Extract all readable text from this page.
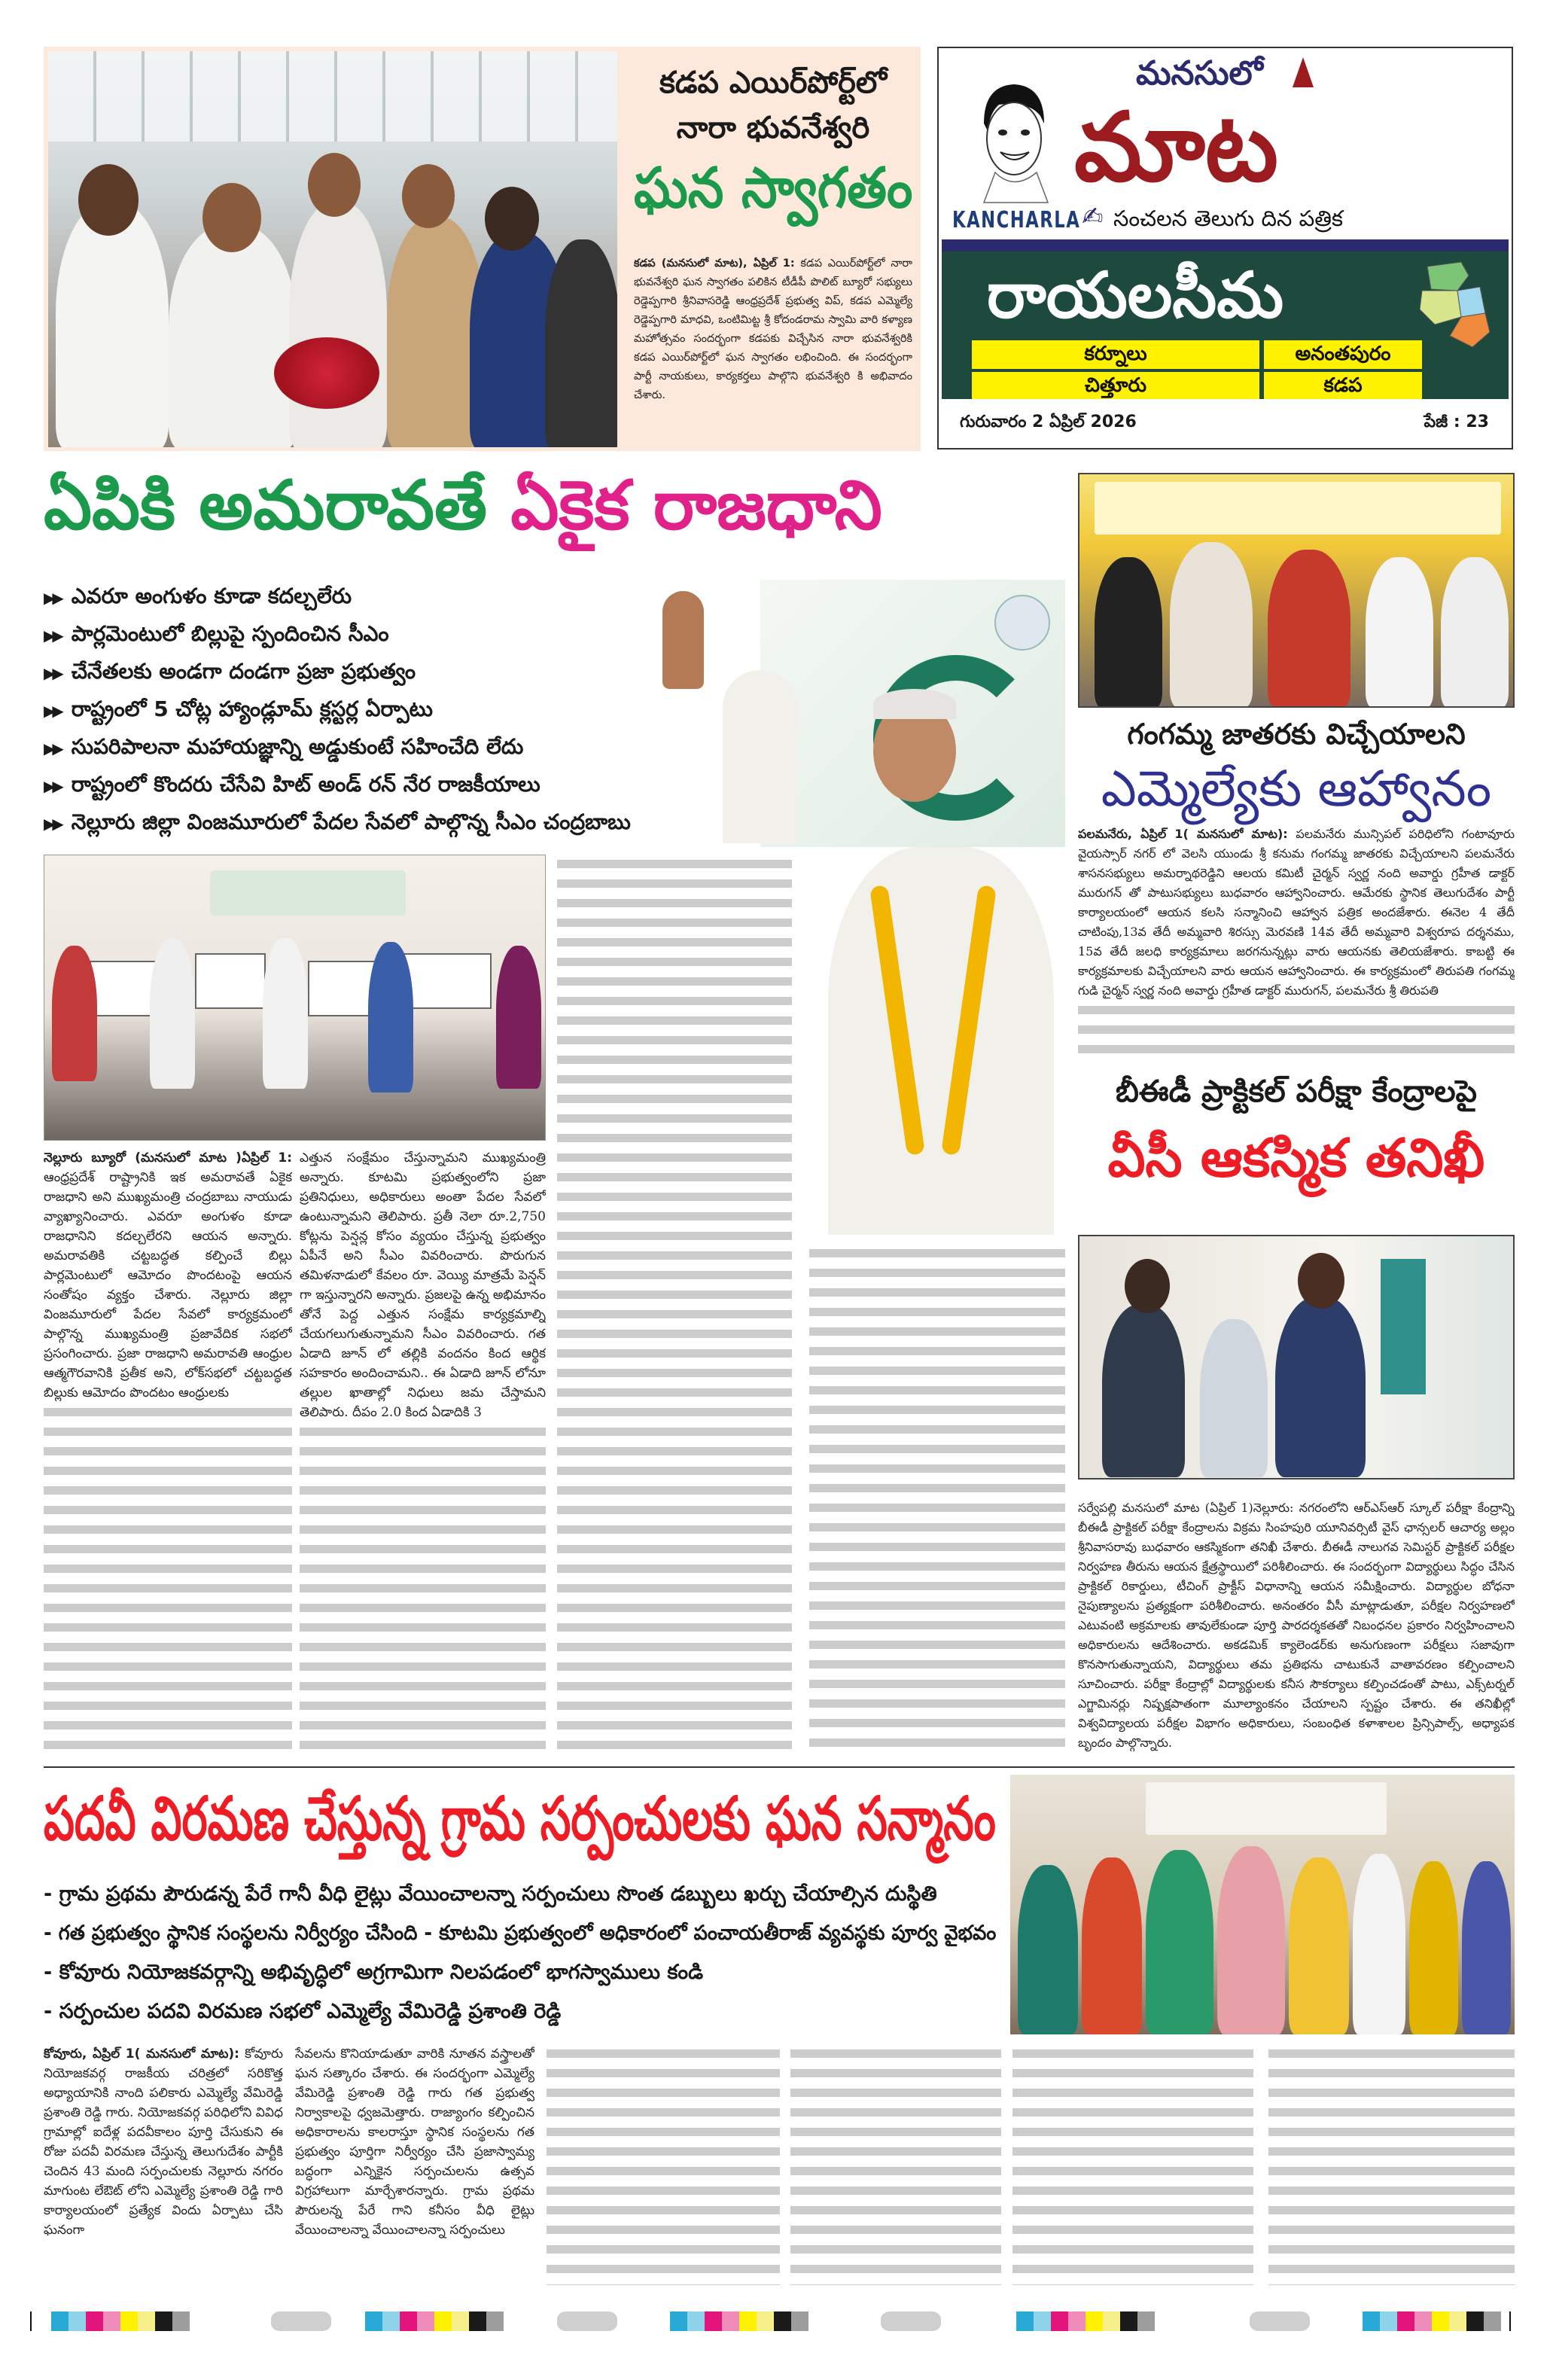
కడప ఎయిర్‌పోర్ట్‌లో
నారా భువనేశ్వరి
ఘన స్వాగతం

కడప (మనసులో మాట), ఏప్రిల్ 1: కడప ఎయిర్‌పోర్ట్‌లో నారా భువనేశ్వరి ఘన స్వాగతం పలికిన టీడీపీ పొలిట్ బ్యూరో సభ్యులు రెడ్డెప్పగారి శ్రీనివాసరెడ్డి ఆంధ్రప్రదేశ్ ప్రభుత్వ విప్, కడప ఎమ్మెల్యే రెడ్డెప్పగారి మాధవి, ఒంటిమిట్ట శ్రీ కోదండరామ స్వామి వారి కళ్యాణ మహోత్సవం సందర్భంగా కడపకు విచ్చేసిన నారా భువనేశ్వరికి కడప ఎయిర్‌పోర్ట్‌లో ఘన స్వాగతం లభించింది. ఈ సందర్భంగా పార్టీ నాయకులు, కార్యకర్తలు పాల్గొని భువనేశ్వరి కి అభివాదం చేశారు.

KANCHARLA
మనసులో
మాట
✍ సంచలన తెలుగు దిన పత్రిక
రాయలసీమ
కర్నూలు	అనంతపురం
చిత్తూరు	కడప
గురువారం 2 ఏప్రిల్ 2026	పేజీ : 23
ఏపికి అమరావతే ఏకైక రాజధాని
▶▶ ఎవరూ అంగుళం కూడా కదల్చలేరు
▶▶ పార్లమెంటులో బిల్లుపై స్పందించిన సీఎం
▶▶ చేనేతలకు అండగా దండగా ప్రజా ప్రభుత్వం
▶▶ రాష్ట్రంలో 5 చోట్ల హ్యాండ్లూమ్ క్లస్టర్ల ఏర్పాటు
▶▶ సుపరిపాలనా మహాయజ్ఞాన్ని అడ్డుకుంటే సహించేది లేదు
▶▶ రాష్ట్రంలో కొందరు చేసేవి హిట్ అండ్ రన్ నేర రాజకీయాలు
▶▶ నెల్లూరు జిల్లా వింజమూరులో పేదల సేవలో పాల్గొన్న సీఎం చంద్రబాబు

నెల్లూరు బ్యూరో (మనసులో మాట )ఏప్రిల్ 1: ఆంధ్రప్రదేశ్ రాష్ట్రానికి ఇక అమరావతే ఏకైక రాజధాని అని ముఖ్యమంత్రి చంద్రబాబు నాయుడు వ్యాఖ్యానించారు. ఎవరూ అంగుళం కూడా రాజధానిని కదల్చలేరని ఆయన అన్నారు. అమరావతికి చట్టబద్ధత కల్పించే బిల్లు పార్లమెంటులో ఆమోదం పొందటంపై ఆయన సంతోషం వ్యక్తం చేశారు. నెల్లూరు జిల్లా వింజమూరులో పేదల సేవలో కార్యక్రమంలో పాల్గొన్న ముఖ్యమంత్రి ప్రజావేదిక సభలో ప్రసంగించారు. ప్రజా రాజధాని అమరావతి ఆంధ్రుల ఆత్మగౌరవానికి ప్రతీక అని, లోక్‌సభలో చట్టబద్ధత బిల్లుకు ఆమోదం పొందటం ఆంధ్రులకు

ఎత్తున సంక్షేమం చేస్తున్నామని ముఖ్యమంత్రి అన్నారు. కూటమి ప్రభుత్వంలోని ప్రజా ప్రతినిధులు, అధికారులు అంతా పేదల సేవలో ఉంటున్నామని తెలిపారు. ప్రతీ నెలా రూ.2,750 కోట్లను పెన్షన్ల కోసం వ్యయం చేస్తున్న ప్రభుత్వం ఏపీనే అని సీఎం వివరించారు. పొరుగున తమిళనాడులో కేవలం రూ. వెయ్యి మాత్రమే పెన్షన్ గా ఇస్తున్నారని అన్నారు. ప్రజలపై ఉన్న అభిమానం తోనే పెద్ద ఎత్తున సంక్షేమ కార్యక్రమాల్ని చేయగలుగుతున్నామని సీఎం వివరించారు. గత ఏడాది జూన్ లో తల్లికి వందనం కింద ఆర్థిక సహకారం అందించామని.. ఈ ఏడాది జూన్ లోనూ తల్లుల ఖాతాల్లో నిధులు జమ చేస్తామని తెలిపారు. దీపం 2.0 కింద ఏడాదికి 3

గంగమ్మ జాతరకు విచ్చేయాలని
ఎమ్మెల్యేకు ఆహ్వానం

పలమనేరు, ఏప్రిల్ 1( మనసులో మాట): పలమనేరు మున్సిపల్ పరిధిలోని గంటావూరు వైయస్సార్ నగర్ లో వెలసి యుండు శ్రీ కనుమ గంగమ్మ జాతరకు విచ్చేయాలని పలమనేరు శాసనసభ్యులు అమర్నాథరెడ్డిని ఆలయ కమిటీ చైర్మన్ స్వర్ణ నంది అవార్డు గ్రహీత డాక్టర్ మురుగన్ తో పాటుసభ్యులు బుధవారం ఆహ్వానించారు. ఆమేరకు స్థానిక తెలుగుదేశం పార్టీ కార్యాలయంలో ఆయన కలసి సన్మానించి ఆహ్వాన పత్రిక అందజేశారు. ఈనెల 4 తేదీ చాటింపు,13వ తేదీ అమ్మవారి శిరస్సు మెరవణి 14వ తేదీ అమ్మవారి విశ్వరూప దర్శనము, 15వ తేదీ జలధి కార్యక్రమాలు జరగనున్నట్లు వారు ఆయనకు తెలియజేశారు. కాబట్టి ఈ కార్యక్రమాలకు విచ్చేయాలని వారు ఆయన ఆహ్వానించారు. ఈ కార్యక్రమంలో తిరుపతి గంగమ్మ గుడి చైర్మన్ స్వర్ణ నంది అవార్డు గ్రహీత డాక్టర్ మురుగన్, పలమనేరు శ్రీ తిరుపతి

బీఈడీ ప్రాక్టికల్ పరీక్షా కేంద్రాలపై
వీసీ ఆకస్మిక తనిఖీ

సర్వేపల్లి మనసులో మాట (ఏప్రిల్ 1)నెల్లూరు: నగరంలోని ఆర్ఎస్ఆర్ స్కూల్ పరీక్షా కేంద్రాన్ని బీఈడీ ప్రాక్టికల్ పరీక్షా కేంద్రాలను విక్రమ సింహపురి యూనివర్సిటీ వైస్ ఛాన్సలర్ ఆచార్య అల్లం శ్రీనివాసరావు బుధవారం ఆకస్మికంగా తనిఖీ చేశారు. బీఈడీ నాలుగవ సెమిస్టర్ ప్రాక్టికల్ పరీక్షల నిర్వహణ తీరును ఆయన క్షేత్రస్థాయిలో పరిశీలించారు. ఈ సందర్భంగా విద్యార్థులు సిద్ధం చేసిన ప్రాక్టికల్ రికార్డులు, టీచింగ్ ప్రాక్టీస్ విధానాన్ని ఆయన సమీక్షించారు. విద్యార్థుల బోధనా నైపుణ్యాలను ప్రత్యక్షంగా పరిశీలించారు. అనంతరం వీసీ మాట్లాడుతూ, పరీక్షల నిర్వహణలో ఎటువంటి అక్రమాలకు తావులేకుండా పూర్తి పారదర్శకతతో నిబంధనల ప్రకారం నిర్వహించాలని అధికారులను ఆదేశించారు. అకడమిక్ క్యాలెండర్‌కు అనుగుణంగా పరీక్షలు సజావుగా కొనసాగుతున్నాయని, విద్యార్థులు తమ ప్రతిభను చాటుకునే వాతావరణం కల్పించాలని సూచించారు. పరీక్షా కేంద్రాల్లో విద్యార్థులకు కనీస సౌకర్యాలు కల్పించడంతో పాటు, ఎక్స్‌టర్నల్ ఎగ్జామినర్లు నిష్పక్షపాతంగా మూల్యాంకనం చేయాలని స్పష్టం చేశారు. ఈ తనిఖీల్లో విశ్వవిద్యాలయ పరీక్షల విభాగం అధికారులు, సంబంధిత కళాశాలల ప్రిన్సిపాల్స్, అధ్యాపక బృందం పాల్గొన్నారు.

పదవీ విరమణ చేస్తున్న గ్రామ సర్పంచులకు ఘన సన్మానం
- గ్రామ ప్రథమ పౌరుడన్న పేరే గానీ వీధి లైట్లు వేయించాలన్నా సర్పంచులు సొంత డబ్బులు ఖర్చు చేయాల్సిన దుస్థితి
- గత ప్రభుత్వం స్థానిక సంస్థలను నిర్వీర్యం చేసింది - కూటమి ప్రభుత్వంలో అధికారంలో పంచాయతీరాజ్ వ్యవస్థకు పూర్వ వైభవం
- కోవూరు నియోజకవర్గాన్ని అభివృద్ధిలో అగ్రగామిగా నిలపడంలో భాగస్వాములు కండి
- సర్పంచుల పదవి విరమణ సభలో ఎమ్మెల్యే వేమిరెడ్డి ప్రశాంతి రెడ్డి

కోవూరు, ఏప్రిల్ 1( మనసులో మాట): కోవూరు నియోజకవర్గ రాజకీయ చరిత్రలో సరికొత్త అధ్యాయానికి నాంది పలికారు ఎమ్మెల్యే వేమిరెడ్డి ప్రశాంతి రెడ్డి గారు. నియోజకవర్గ పరిధిలోని వివిధ గ్రామాల్లో ఐదేళ్ల పదవీకాలం పూర్తి చేసుకుని ఈ రోజు పదవీ విరమణ చేస్తున్న తెలుగుదేశం పార్టీకి చెందిన 43 మంది సర్పంచులకు నెల్లూరు నగరం మాగుంట లేఔట్ లోని ఎమ్మెల్యే ప్రశాంతి రెడ్డి గారి కార్యాలయంలో ప్రత్యేక విందు ఏర్పాటు చేసి ఘనంగా

సేవలను కొనియాడుతూ వారికి నూతన వస్త్రాలతో ఘన సత్కారం చేశారు. ఈ సందర్భంగా ఎమ్మెల్యే వేమిరెడ్డి ప్రశాంతి రెడ్డి గారు గత ప్రభుత్వ నిర్వాకాలపై ధ్వజమెత్తారు. రాజ్యాంగం కల్పించిన అధికారాలను కాలరాస్తూ స్థానిక సంస్థలను గత ప్రభుత్వం పూర్తిగా నిర్వీర్యం చేసి ప్రజాస్వామ్య బద్ధంగా ఎన్నికైన సర్పంచులను ఉత్సవ విగ్రహాలుగా మార్చేశారన్నారు. గ్రామ ప్రథమ పౌరులన్న పేరే గాని కనీసం వీధి లైట్లు వేయించాలన్నా వేయించాలన్నా సర్పంచులు
